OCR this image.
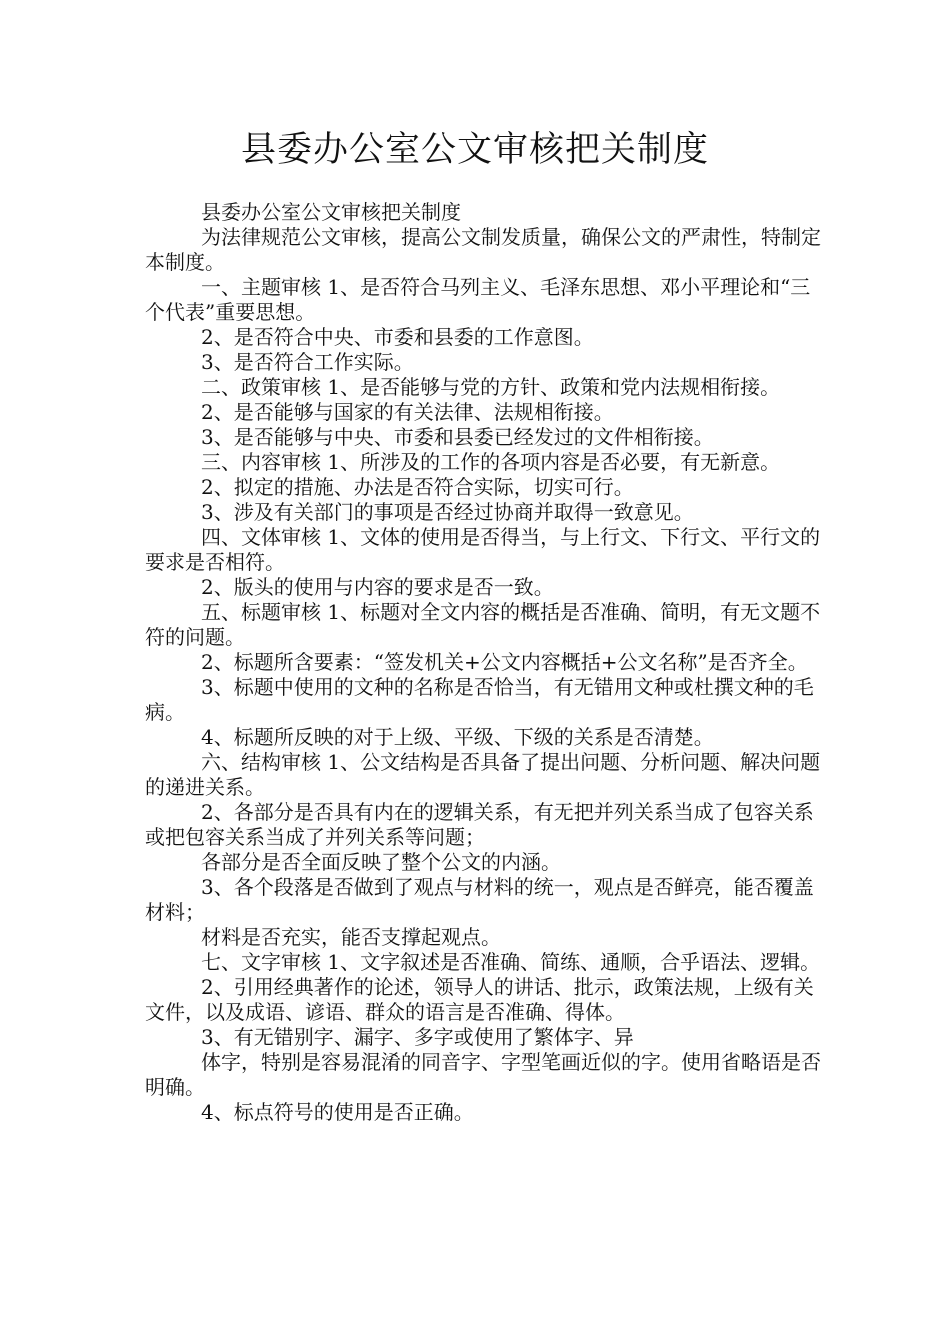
县委办公室公文审核把关制度

县委办公室公文审核把关制度

为法律规范公文审核，提高公文制发质量，确保公文的严肃性，特制定本制度。

一、主题审核 1、是否符合马列主义、毛泽东思想、邓小平理论和“三个代表”重要思想。

2、是否符合中央、市委和县委的工作意图。

3、是否符合工作实际。

二、政策审核 1、是否能够与党的方针、政策和党内法规相衔接。

2、是否能够与国家的有关法律、法规相衔接。

3、是否能够与中央、市委和县委已经发过的文件相衔接。

三、内容审核 1、所涉及的工作的各项内容是否必要，有无新意。

2、拟定的措施、办法是否符合实际，切实可行。

3、涉及有关部门的事项是否经过协商并取得一致意见。

四、文体审核 1、文体的使用是否得当，与上行文、下行文、平行文的要求是否相符。

2、版头的使用与内容的要求是否一致。

五、标题审核 1、标题对全文内容的概括是否准确、简明，有无文题不符的问题。

2、标题所含要素：“签发机关+公文内容概括+公文名称”是否齐全。

3、标题中使用的文种的名称是否恰当，有无错用文种或杜撰文种的毛病。

4、标题所反映的对于上级、平级、下级的关系是否清楚。

六、结构审核 1、公文结构是否具备了提出问题、分析问题、解决问题的递进关系。

2、各部分是否具有内在的逻辑关系，有无把并列关系当成了包容关系或把包容关系当成了并列关系等问题；

各部分是否全面反映了整个公文的内涵。

3、各个段落是否做到了观点与材料的统一，观点是否鲜亮，能否覆盖材料；

材料是否充实，能否支撑起观点。

七、文字审核 1、文字叙述是否准确、简练、通顺，合乎语法、逻辑。

2、引用经典著作的论述，领导人的讲话、批示，政策法规，上级有关文件，以及成语、谚语、群众的语言是否准确、得体。

3、有无错别字、漏字、多字或使用了繁体字、异

体字，特别是容易混淆的同音字、字型笔画近似的字。使用省略语是否明确。

4、标点符号的使用是否正确。
